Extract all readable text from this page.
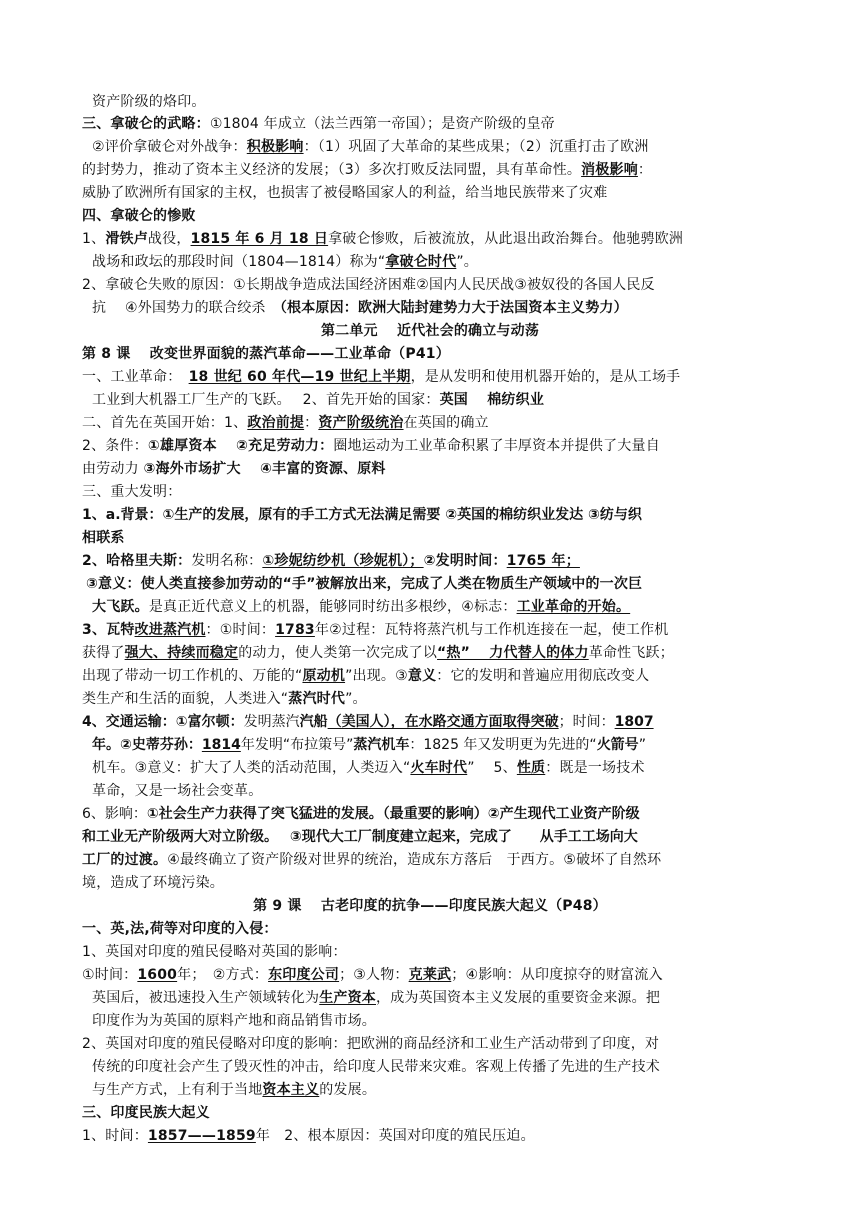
资产阶级的烙印。
三、拿破仑的武略：①1804 年成立（法兰西第一帝国）；是资产阶级的皇帝
②评价拿破仑对外战争：积极影响：（1）巩固了大革命的某些成果；（2）沉重打击了欧洲
的封势力，推动了资本主义经济的发展；（3）多次打败反法同盟，具有革命性。消极影响：
威胁了欧洲所有国家的主权，也损害了被侵略国家人的利益，给当地民族带来了灾难
四、拿破仑的惨败
1、滑铁卢战役，1815 年 6 月 18 日拿破仑惨败，后被流放，从此退出政治舞台。他驰骋欧洲
战场和政坛的那段时间（1804—1814）称为“拿破仑时代”。
2、拿破仑失败的原因：①长期战争造成法国经济困难②国内人民厌战③被奴役的各国人民反
抗　 ④外国势力的联合绞杀　（根本原因：欧洲大陆封建势力大于法国资本主义势力）
第二单元　 近代社会的确立与动荡
第 8 课　 改变世界面貌的蒸汽革命——工业革命（P41）
一、工业革命：　18 世纪 60 年代—19 世纪上半期，是从发明和使用机器开始的，是从工场手
工业到大机器工厂生产的飞跃。　 2、首先开始的国家：英国　 棉纺织业
二、首先在英国开始：1、政治前提：资产阶级统治在英国的确立
2、条件：①雄厚资本　 ②充足劳动力：圈地运动为工业革命积累了丰厚资本并提供了大量自
由劳动力 ③海外市场扩大　 ④丰富的资源、原料
三、重大发明：
1、a.背景：①生产的发展，原有的手工方式无法满足需要 ②英国的棉纺织业发达 ③纺与织
相联系
2、哈格里夫斯：发明名称：①珍妮纺纱机（珍妮机）；②发明时间：1765 年；
③意义：使人类直接参加劳动的“手”被解放出来，完成了人类在物质生产领域中的一次巨
大飞跃。是真正近代意义上的机器，能够同时纺出多根纱，④标志：工业革命的开始。
3、瓦特改进蒸汽机：①时间：1783年②过程：瓦特将蒸汽机与工作机连接在一起，使工作机
获得了强大、持续而稳定的动力，使人类第一次完成了以“热”　 力代替人的体力革命性飞跃；
出现了带动一切工作机的、万能的“原动机”出现。③意义：它的发明和普遍应用彻底改变人
类生产和生活的面貌，人类进入“蒸汽时代”。
4、交通运输：①富尔顿：发明蒸汽汽船（美国人），在水路交通方面取得突破；时间：1807
年。②史蒂芬孙：1814年发明“布拉策号”蒸汽机车：1825 年又发明更为先进的“火箭号”
机车。③意义：扩大了人类的活动范围，人类迈入“火车时代”　 5、性质：既是一场技术
革命，又是一场社会变革。
6、影响：①社会生产力获得了突飞猛进的发展。（最重要的影响）②产生现代工业资产阶级
和工业无产阶级两大对立阶级。　 ③现代大工厂制度建立起来，完成了　　从手工工场向大
工厂的过渡。④最终确立了资产阶级对世界的统治，造成东方落后　于西方。⑤破坏了自然环
境，造成了环境污染。
第 9 课　 古老印度的抗争——印度民族大起义（P48）
一、英,法,荷等对印度的入侵：
1、英国对印度的殖民侵略对英国的影响：
①时间：1600年；　②方式：东印度公司；③人物：克莱武；④影响：从印度掠夺的财富流入
英国后，被迅速投入生产领域转化为生产资本，成为英国资本主义发展的重要资金来源。把
印度作为为英国的原料产地和商品销售市场。
2、英国对印度的殖民侵略对印度的影响：把欧洲的商品经济和工业生产活动带到了印度，对
传统的印度社会产生了毁灭性的冲击，给印度人民带来灾难。客观上传播了先进的生产技术
与生产方式，上有利于当地资本主义的发展。
三、印度民族大起义
1、时间：1857——1859年　2、根本原因：英国对印度的殖民压迫。
